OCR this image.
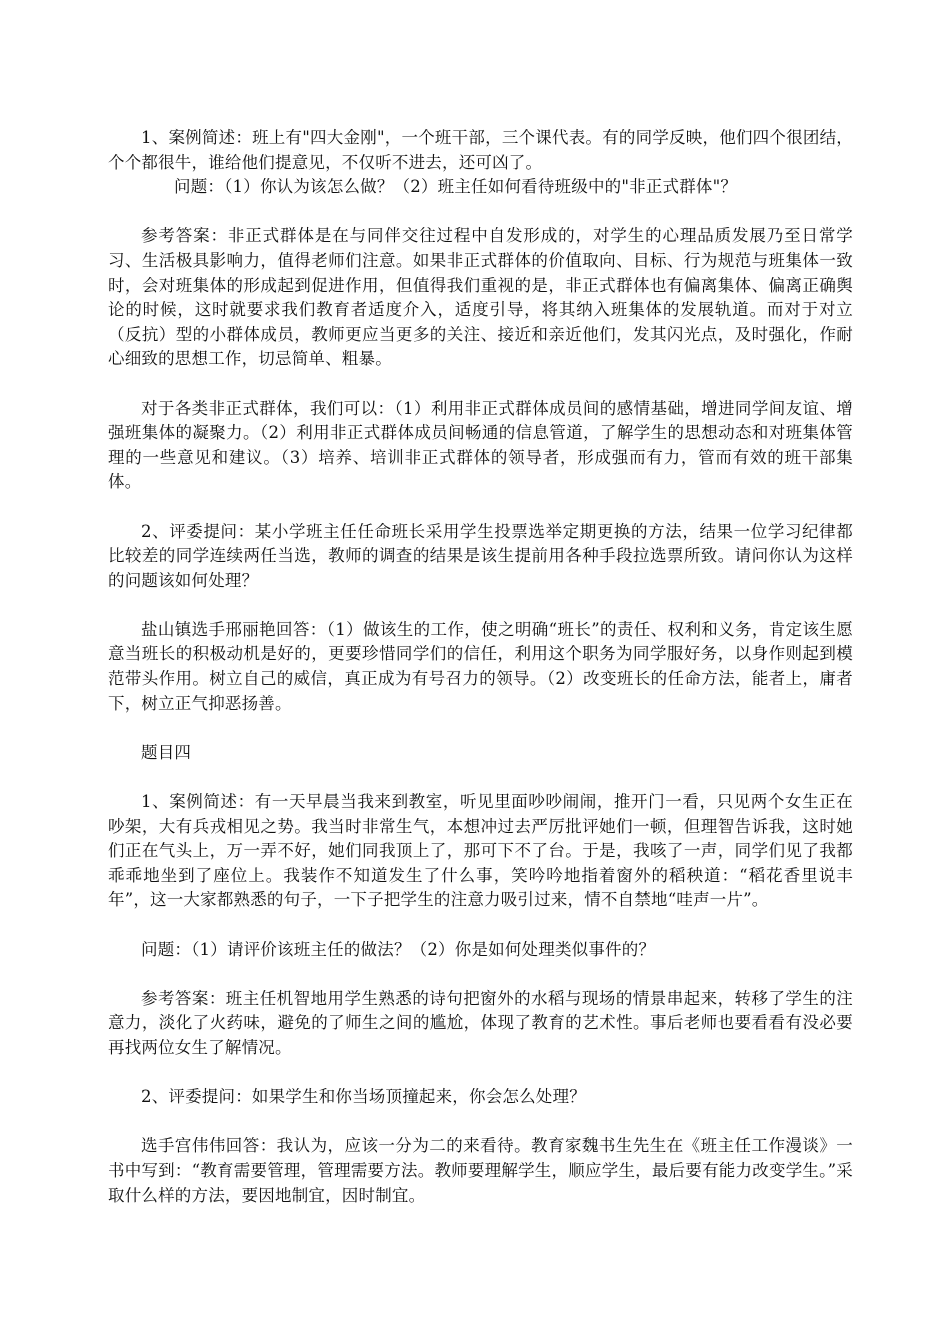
1、案例简述：班上有"四大金刚"，一个班干部，三个课代表。有的同学反映，他们四个很团结，个个都很牛，谁给他们提意见，不仅听不进去，还可凶了。

问题：（1）你认为该怎么做？（2）班主任如何看待班级中的"非正式群体"？

参考答案：非正式群体是在与同伴交往过程中自发形成的，对学生的心理品质发展乃至日常学习、生活极具影响力，值得老师们注意。如果非正式群体的价值取向、目标、行为规范与班集体一致时，会对班集体的形成起到促进作用，但值得我们重视的是，非正式群体也有偏离集体、偏离正确舆论的时候，这时就要求我们教育者适度介入，适度引导，将其纳入班集体的发展轨道。而对于对立（反抗）型的小群体成员，教师更应当更多的关注、接近和亲近他们，发其闪光点，及时强化，作耐心细致的思想工作，切忌简单、粗暴。

对于各类非正式群体，我们可以：（1）利用非正式群体成员间的感情基础，增进同学间友谊、增强班集体的凝聚力。（2）利用非正式群体成员间畅通的信息管道，了解学生的思想动态和对班集体管理的一些意见和建议。（3）培养、培训非正式群体的领导者，形成强而有力，管而有效的班干部集体。

2、评委提问：某小学班主任任命班长采用学生投票选举定期更换的方法，结果一位学习纪律都比较差的同学连续两任当选，教师的调查的结果是该生提前用各种手段拉选票所致。请问你认为这样的问题该如何处理？

盐山镇选手邢丽艳回答：（1）做该生的工作，使之明确“班长”的责任、权利和义务，肯定该生愿意当班长的积极动机是好的，更要珍惜同学们的信任，利用这个职务为同学服好务，以身作则起到模范带头作用。树立自己的威信，真正成为有号召力的领导。（2）改变班长的任命方法，能者上，庸者下，树立正气抑恶扬善。

题目四

1、案例简述：有一天早晨当我来到教室，听见里面吵吵闹闹，推开门一看，只见两个女生正在吵架，大有兵戎相见之势。我当时非常生气，本想冲过去严厉批评她们一顿，但理智告诉我，这时她们正在气头上，万一弄不好，她们同我顶上了，那可下不了台。于是，我咳了一声，同学们见了我都乖乖地坐到了座位上。我装作不知道发生了什么事，笑吟吟地指着窗外的稻秧道：“稻花香里说丰年”，这一大家都熟悉的句子，一下子把学生的注意力吸引过来，情不自禁地“哇声一片”。

问题：（1）请评价该班主任的做法？（2）你是如何处理类似事件的？

参考答案：班主任机智地用学生熟悉的诗句把窗外的水稻与现场的情景串起来，转移了学生的注意力，淡化了火药味，避免的了师生之间的尴尬，体现了教育的艺术性。事后老师也要看看有没必要再找两位女生了解情况。

2、评委提问：如果学生和你当场顶撞起来，你会怎么处理？

选手宫伟伟回答：我认为，应该一分为二的来看待。教育家魏书生先生在《班主任工作漫谈》一书中写到：“教育需要管理，管理需要方法。教师要理解学生，顺应学生，最后要有能力改变学生。”采取什么样的方法，要因地制宜，因时制宜。
